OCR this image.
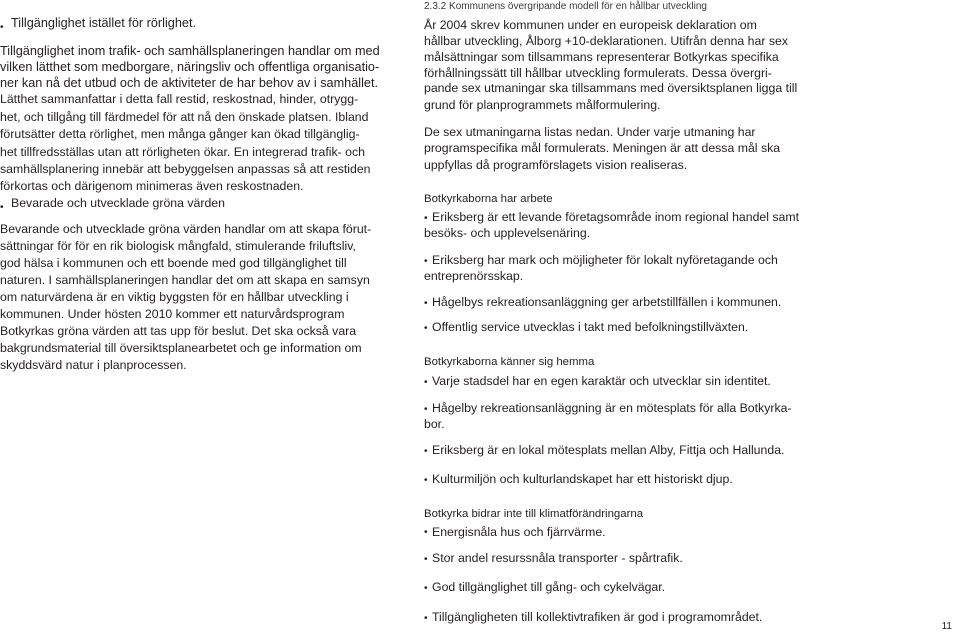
• Tillgänglighet istället för rörlighet.
Tillgänglighet inom trafik- och samhällsplaneringen handlar om med
vilken lätthet som medborgare, näringsliv och offentliga organisatio-
ner kan nå det utbud och de aktiviteter de har behov av i samhället.
Lätthet sammanfattar i detta fall restid, reskostnad, hinder, otrygg-
het, och tillgång till färdmedel för att nå den önskade platsen. Ibland
förutsätter detta rörlighet, men många gånger kan ökad tillgänglig-
het tillfredsställas utan att rörligheten ökar. En integrerad trafik- och
samhällsplanering innebär att bebyggelsen anpassas så att restiden
förkortas och därigenom minimeras även reskostnaden.
• Bevarade och utvecklade gröna värden
Bevarande och utvecklade gröna värden handlar om att skapa förut-
sättningar för för en rik biologisk mångfald, stimulerande friluftsliv,
god hälsa i kommunen och ett boende med god tillgänglighet till
naturen. I samhällsplaneringen handlar det om att skapa en samsyn
om naturvärdena är en viktig byggsten för en hållbar utveckling i
kommunen. Under hösten 2010 kommer ett naturvårdsprogram
Botkyrkas gröna värden att tas upp för beslut. Det ska också vara
bakgrundsmaterial till översiktsplanearbetet och ge information om
skyddsvärd natur i planprocessen.
2.3.2 Kommunens övergripande modell för en hållbar utveckling
År 2004 skrev kommunen under en europeisk deklaration om
hållbar utveckling, Ålborg +10-deklarationen. Utifrån denna har sex
målsättningar som tillsammans representerar Botkyrkas specifika
förhållningssätt till hållbar utveckling formulerats. Dessa övergri-
pande sex utmaningar ska tillsammans med översiktsplanen ligga till
grund för planprogrammets målformulering.
De sex utmaningarna listas nedan. Under varje utmaning har
programspecifika mål formulerats. Meningen är att dessa mål ska
uppfyllas då programförslagets vision realiseras.
Botkyrkaborna har arbete
• Eriksberg är ett levande företagsområde inom regional handel samt
besöks- och upplevelsenäring.
• Eriksberg har mark och möjligheter för lokalt nyföretagande och
entreprenörsskap.
• Hågelbys rekreationsanläggning ger arbetstillfällen i kommunen.
• Offentlig service utvecklas i takt med befolkningstillväxten.
Botkyrkaborna känner sig hemma
• Varje stadsdel har en egen karaktär och utvecklar sin identitet.
• Hågelby rekreationsanläggning är en mötesplats för alla Botkyrka-
bor.
• Eriksberg är en lokal mötesplats mellan Alby, Fittja och Hallunda.
• Kulturmiljön och kulturlandskapet har ett historiskt djup.
Botkyrka bidrar inte till klimatförändringarna
• Energisnåla hus och fjärrvärme.
• Stor andel resurssnåla transporter - spårtrafik.
• God tillgänglighet till gång- och cykelvägar.
• Tillgängligheten till kollektivtrafiken är god i programområdet.
11
